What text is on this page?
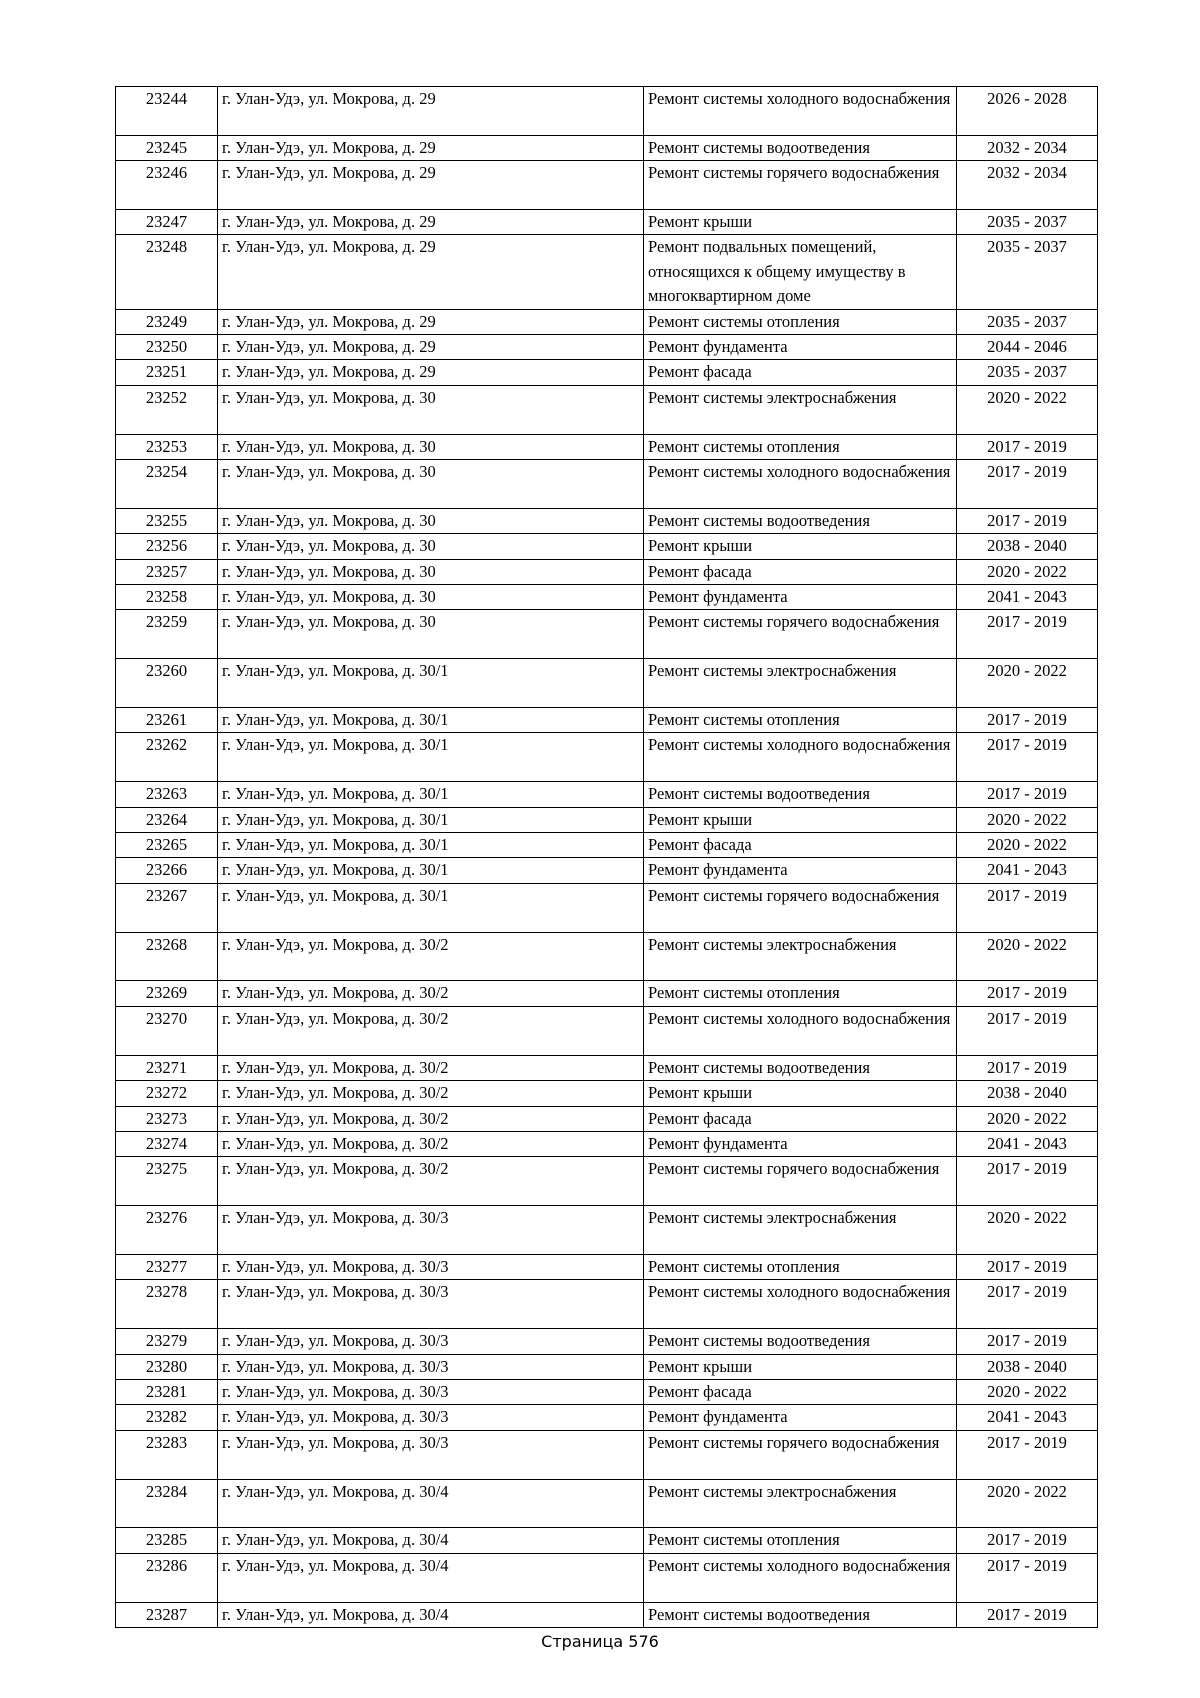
23244	г. Улан-Удэ, ул. Мокрова, д. 29	Ремонт системы холодного водоснабжения	2026 - 2028
23245	г. Улан-Удэ, ул. Мокрова, д. 29	Ремонт системы водоотведения	2032 - 2034
23246	г. Улан-Удэ, ул. Мокрова, д. 29	Ремонт системы горячего водоснабжения	2032 - 2034
23247	г. Улан-Удэ, ул. Мокрова, д. 29	Ремонт крыши	2035 - 2037
23248	г. Улан-Удэ, ул. Мокрова, д. 29	Ремонт подвальных помещений, относящихся к общему имуществу в многоквартирном доме	2035 - 2037
23249	г. Улан-Удэ, ул. Мокрова, д. 29	Ремонт системы отопления	2035 - 2037
23250	г. Улан-Удэ, ул. Мокрова, д. 29	Ремонт фундамента	2044 - 2046
23251	г. Улан-Удэ, ул. Мокрова, д. 29	Ремонт фасада	2035 - 2037
23252	г. Улан-Удэ, ул. Мокрова, д. 30	Ремонт системы электроснабжения	2020 - 2022
23253	г. Улан-Удэ, ул. Мокрова, д. 30	Ремонт системы отопления	2017 - 2019
23254	г. Улан-Удэ, ул. Мокрова, д. 30	Ремонт системы холодного водоснабжения	2017 - 2019
23255	г. Улан-Удэ, ул. Мокрова, д. 30	Ремонт системы водоотведения	2017 - 2019
23256	г. Улан-Удэ, ул. Мокрова, д. 30	Ремонт крыши	2038 - 2040
23257	г. Улан-Удэ, ул. Мокрова, д. 30	Ремонт фасада	2020 - 2022
23258	г. Улан-Удэ, ул. Мокрова, д. 30	Ремонт фундамента	2041 - 2043
23259	г. Улан-Удэ, ул. Мокрова, д. 30	Ремонт системы горячего водоснабжения	2017 - 2019
23260	г. Улан-Удэ, ул. Мокрова, д. 30/1	Ремонт системы электроснабжения	2020 - 2022
23261	г. Улан-Удэ, ул. Мокрова, д. 30/1	Ремонт системы отопления	2017 - 2019
23262	г. Улан-Удэ, ул. Мокрова, д. 30/1	Ремонт системы холодного водоснабжения	2017 - 2019
23263	г. Улан-Удэ, ул. Мокрова, д. 30/1	Ремонт системы водоотведения	2017 - 2019
23264	г. Улан-Удэ, ул. Мокрова, д. 30/1	Ремонт крыши	2020 - 2022
23265	г. Улан-Удэ, ул. Мокрова, д. 30/1	Ремонт фасада	2020 - 2022
23266	г. Улан-Удэ, ул. Мокрова, д. 30/1	Ремонт фундамента	2041 - 2043
23267	г. Улан-Удэ, ул. Мокрова, д. 30/1	Ремонт системы горячего водоснабжения	2017 - 2019
23268	г. Улан-Удэ, ул. Мокрова, д. 30/2	Ремонт системы электроснабжения	2020 - 2022
23269	г. Улан-Удэ, ул. Мокрова, д. 30/2	Ремонт системы отопления	2017 - 2019
23270	г. Улан-Удэ, ул. Мокрова, д. 30/2	Ремонт системы холодного водоснабжения	2017 - 2019
23271	г. Улан-Удэ, ул. Мокрова, д. 30/2	Ремонт системы водоотведения	2017 - 2019
23272	г. Улан-Удэ, ул. Мокрова, д. 30/2	Ремонт крыши	2038 - 2040
23273	г. Улан-Удэ, ул. Мокрова, д. 30/2	Ремонт фасада	2020 - 2022
23274	г. Улан-Удэ, ул. Мокрова, д. 30/2	Ремонт фундамента	2041 - 2043
23275	г. Улан-Удэ, ул. Мокрова, д. 30/2	Ремонт системы горячего водоснабжения	2017 - 2019
23276	г. Улан-Удэ, ул. Мокрова, д. 30/3	Ремонт системы электроснабжения	2020 - 2022
23277	г. Улан-Удэ, ул. Мокрова, д. 30/3	Ремонт системы отопления	2017 - 2019
23278	г. Улан-Удэ, ул. Мокрова, д. 30/3	Ремонт системы холодного водоснабжения	2017 - 2019
23279	г. Улан-Удэ, ул. Мокрова, д. 30/3	Ремонт системы водоотведения	2017 - 2019
23280	г. Улан-Удэ, ул. Мокрова, д. 30/3	Ремонт крыши	2038 - 2040
23281	г. Улан-Удэ, ул. Мокрова, д. 30/3	Ремонт фасада	2020 - 2022
23282	г. Улан-Удэ, ул. Мокрова, д. 30/3	Ремонт фундамента	2041 - 2043
23283	г. Улан-Удэ, ул. Мокрова, д. 30/3	Ремонт системы горячего водоснабжения	2017 - 2019
23284	г. Улан-Удэ, ул. Мокрова, д. 30/4	Ремонт системы электроснабжения	2020 - 2022
23285	г. Улан-Удэ, ул. Мокрова, д. 30/4	Ремонт системы отопления	2017 - 2019
23286	г. Улан-Удэ, ул. Мокрова, д. 30/4	Ремонт системы холодного водоснабжения	2017 - 2019
23287	г. Улан-Удэ, ул. Мокрова, д. 30/4	Ремонт системы водоотведения	2017 - 2019
Страница 576
